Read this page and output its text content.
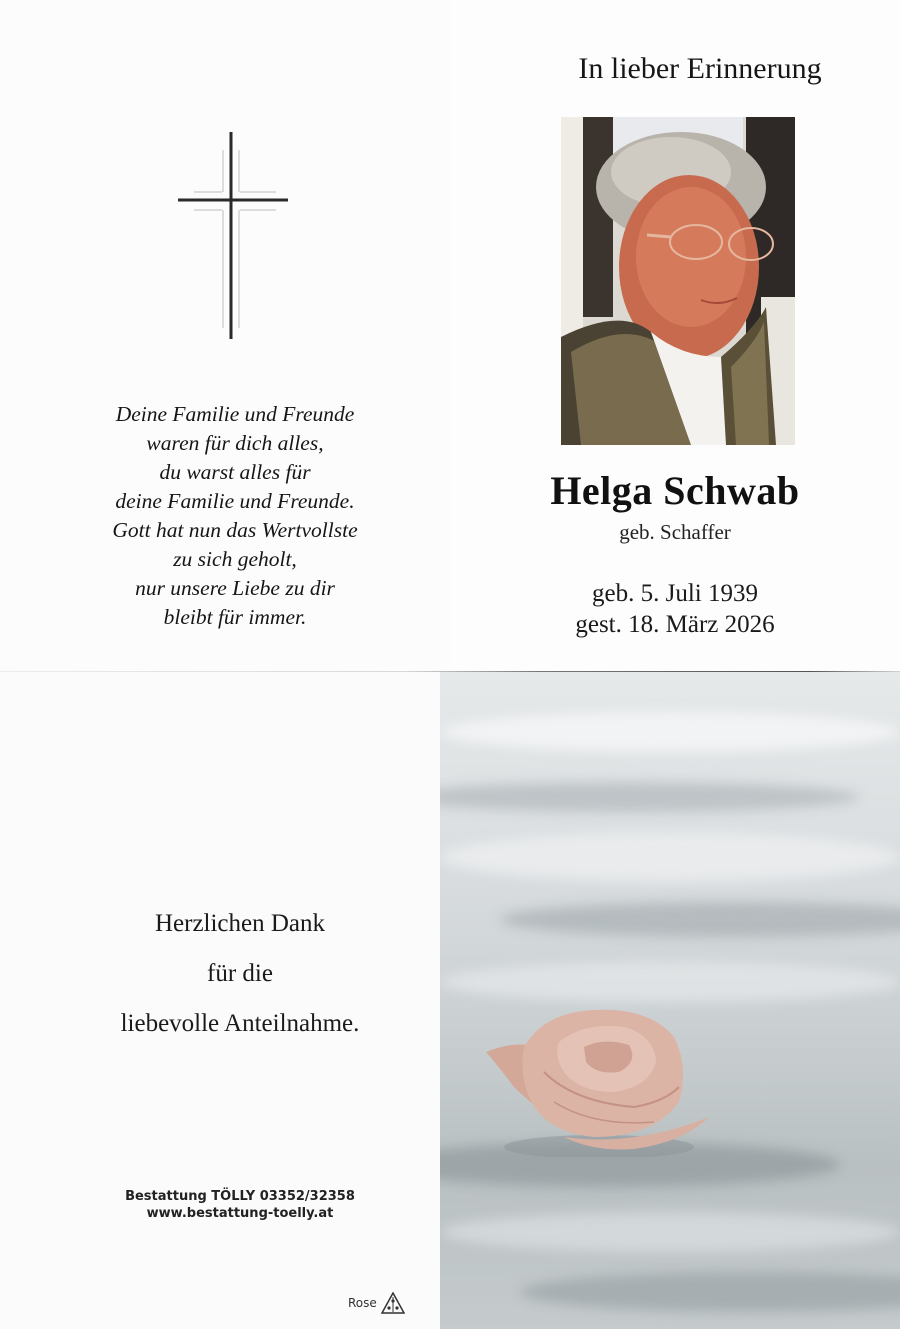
Deine Familie und Freunde
waren für dich alles,
du warst alles für
deine Familie und Freunde.
Gott hat nun das Wertvollste
zu sich geholt,
nur unsere Liebe zu dir
bleibt für immer.
In lieber Erinnerung
Helga Schwab
geb. Schaffer
geb. 5. Juli 1939
gest. 18. März 2026
Herzlichen Dank
für die
liebevolle Anteilnahme.
Bestattung TÖLLY 03352/32358
www.bestattung-toelly.at
Rose
